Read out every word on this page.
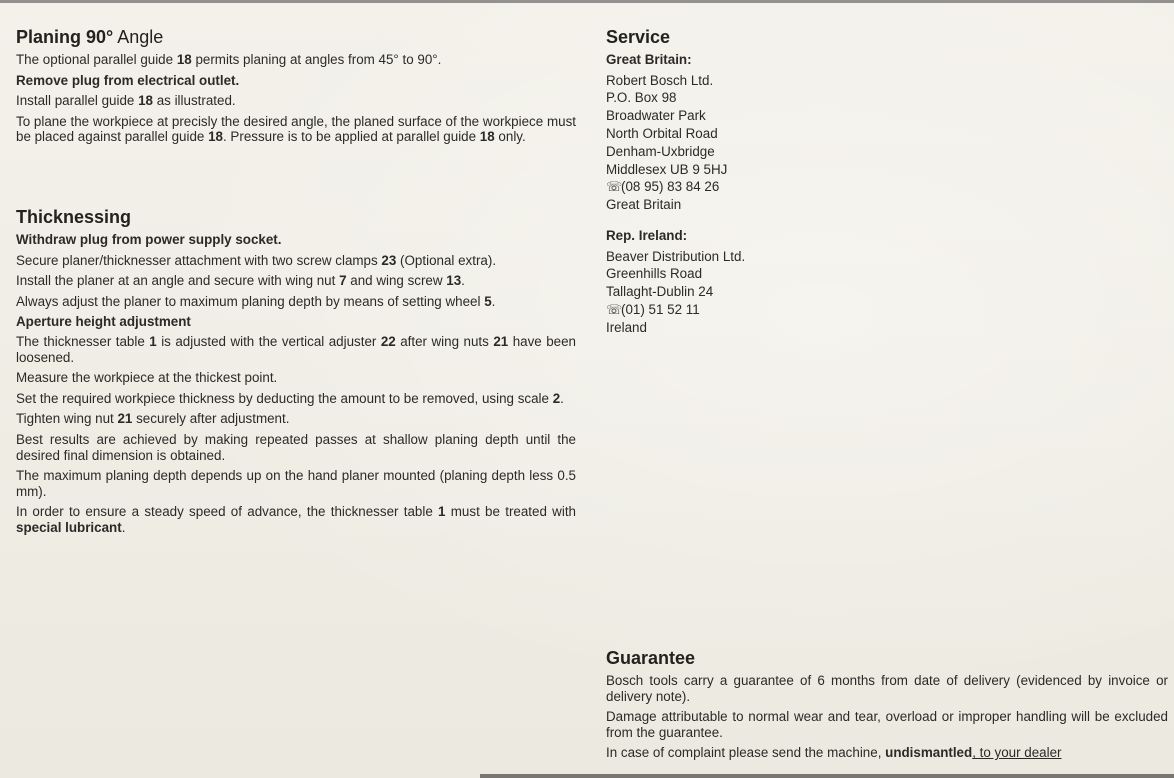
Planing 90° Angle

The optional parallel guide 18 permits planing at angles from 45° to 90°.

Remove plug from electrical outlet.

Install parallel guide 18 as illustrated.

To plane the workpiece at precisly the desired angle, the planed surface of the workpiece must be placed against parallel guide 18. Pressure is to be applied at parallel guide 18 only.

Thicknessing

Withdraw plug from power supply socket.

Secure planer/thicknesser attachment with two screw clamps 23 (Optional extra).

Install the planer at an angle and secure with wing nut 7 and wing screw 13.

Always adjust the planer to maximum planing depth by means of setting wheel 5.

Aperture height adjustment

The thicknesser table 1 is adjusted with the vertical adjuster 22 after wing nuts 21 have been loosened.

Measure the workpiece at the thickest point.

Set the required workpiece thickness by deducting the amount to be removed, using scale 2.

Tighten wing nut 21 securely after adjustment.

Best results are achieved by making repeated passes at shallow planing depth until the desired final dimension is obtained.

The maximum planing depth depends up on the hand planer mounted (planing depth less 0.5 mm).

In order to ensure a steady speed of advance, the thicknesser table 1 must be treated with special lubricant.

Service
Great Britain:
Robert Bosch Ltd.
P.O. Box 98
Broadwater Park
North Orbital Road
Denham-Uxbridge
Middlesex UB 9 5HJ
☏(08 95) 83 84 26
Great Britain
Rep. Ireland:
Beaver Distribution Ltd.
Greenhills Road
Tallaght-Dublin 24
☏(01) 51 52 11
Ireland
Guarantee

Bosch tools carry a guarantee of 6 months from date of delivery (evidenced by invoice or delivery note).

Damage attributable to normal wear and tear, overload or improper handling will be excluded from the guarantee.

In case of complaint please send the machine, undismantled, to your dealer
